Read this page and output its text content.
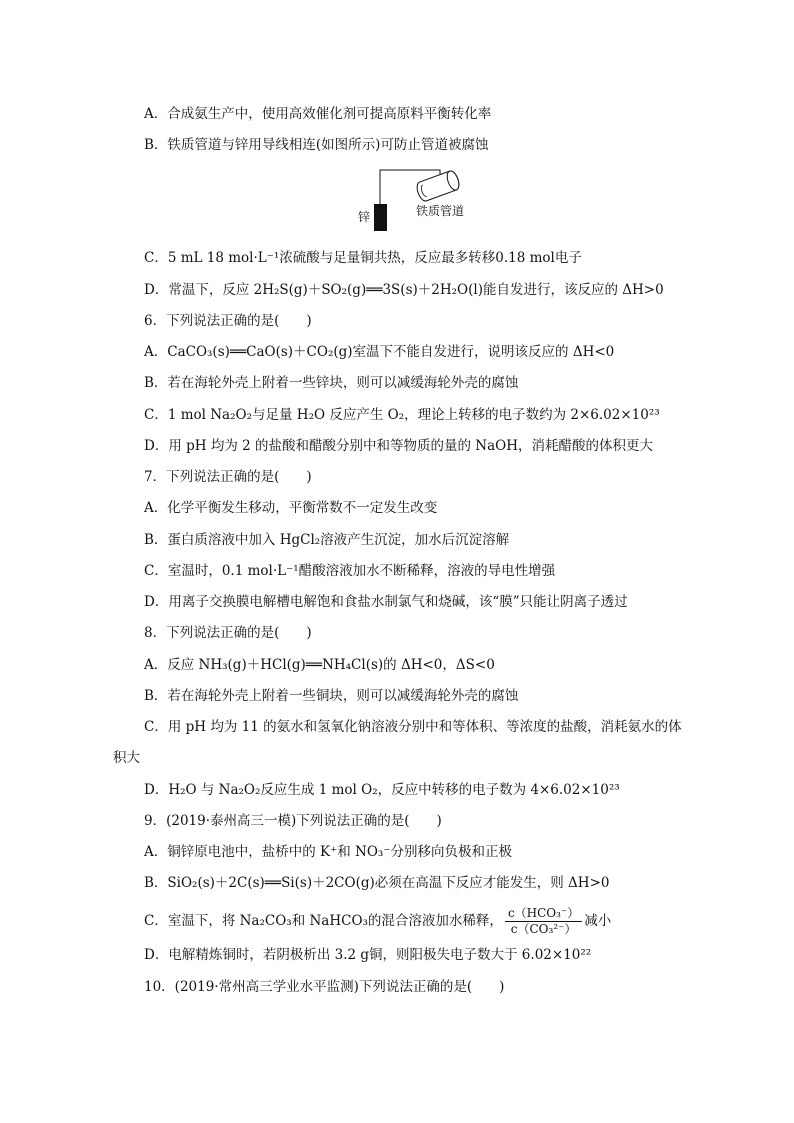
A．合成氨生产中，使用高效催化剂可提高原料平衡转化率
B．铁质管道与锌用导线相连(如图所示)可防止管道被腐蚀
锌	铁质管道
C．5 mL 18 mol·L⁻¹浓硫酸与足量铜共热，反应最多转移0.18 mol电子
D．常温下，反应 2H₂S(g)＋SO₂(g)══3S(s)＋2H₂O(l)能自发进行，该反应的 ΔH>0
6．下列说法正确的是(　　)
A．CaCO₃(s)══CaO(s)＋CO₂(g)室温下不能自发进行，说明该反应的 ΔH<0
B．若在海轮外壳上附着一些锌块，则可以减缓海轮外壳的腐蚀
C．1 mol Na₂O₂与足量 H₂O 反应产生 O₂，理论上转移的电子数约为 2×6.02×10²³
D．用 pH 均为 2 的盐酸和醋酸分别中和等物质的量的 NaOH，消耗醋酸的体积更大
7．下列说法正确的是(　　)
A．化学平衡发生移动，平衡常数不一定发生改变
B．蛋白质溶液中加入 HgCl₂溶液产生沉淀，加水后沉淀溶解
C．室温时，0.1 mol·L⁻¹醋酸溶液加水不断稀释，溶液的导电性增强
D．用离子交换膜电解槽电解饱和食盐水制氯气和烧碱，该“膜”只能让阴离子透过
8．下列说法正确的是(　　)
A．反应 NH₃(g)＋HCl(g)══NH₄Cl(s)的 ΔH<0，ΔS<0
B．若在海轮外壳上附着一些铜块，则可以减缓海轮外壳的腐蚀
C．用 pH 均为 11 的氨水和氢氧化钠溶液分别中和等体积、等浓度的盐酸，消耗氨水的体
积大
D．H₂O 与 Na₂O₂反应生成 1 mol O₂，反应中转移的电子数为 4×6.02×10²³
9．(2019·泰州高三一模)下列说法正确的是(　　)
A．铜锌原电池中，盐桥中的 K⁺和 NO₃⁻分别移向负极和正极
B．SiO₂(s)＋2C(s)══Si(s)＋2CO(g)必须在高温下反应才能发生，则 ΔH>0
C．室温下，将 Na₂CO₃和 NaHCO₃的混合溶液加水稀释， $\frac{\text{c（HCO₃⁻）}}{\text{c（CO₃²⁻）}}$ 减小
D．电解精炼铜时，若阴极析出 3.2 g铜，则阳极失电子数大于 6.02×10²²
10．(2019·常州高三学业水平监测)下列说法正确的是(　　)
